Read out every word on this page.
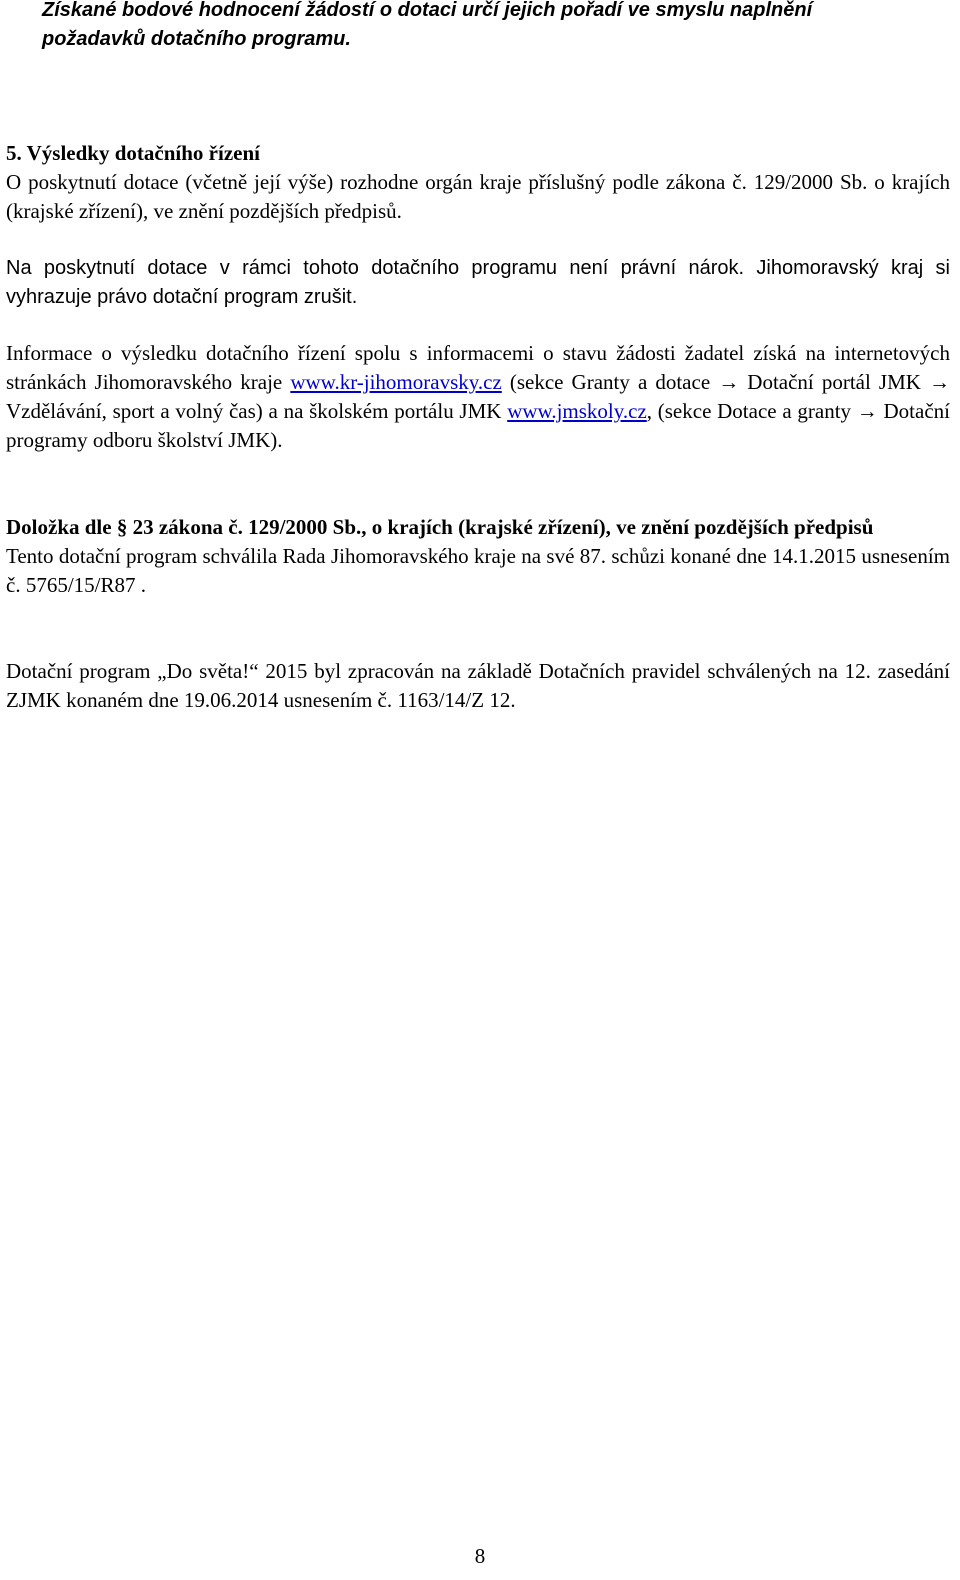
Získané bodové hodnocení žádostí o dotaci určí jejich pořadí ve smyslu naplnění
požadavků dotačního programu.

5. Výsledky dotačního řízení
O poskytnutí dotace (včetně její výše) rozhodne orgán kraje příslušný podle zákona č. 129/2000 Sb. o krajích (krajské zřízení), ve znění pozdějších předpisů.

Na poskytnutí dotace v rámci tohoto dotačního programu není právní nárok. Jihomoravský kraj si vyhrazuje právo dotační program zrušit.

Informace o výsledku dotačního řízení spolu s informacemi o stavu žádosti žadatel získá na internetových stránkách Jihomoravského kraje www.kr-jihomoravsky.cz (sekce Granty a dotace → Dotační portál JMK → Vzdělávání, sport a volný čas) a na školském portálu JMK www.jmskoly.cz, (sekce Dotace a granty → Dotační programy odboru školství JMK).

Doložka dle § 23 zákona č. 129/2000 Sb., o krajích (krajské zřízení), ve znění pozdějších předpisů
Tento dotační program schválila Rada Jihomoravského kraje na své 87. schůzi konané dne 14.1.2015 usnesením č. 5765/15/R87 .

Dotační program „Do světa!“ 2015 byl zpracován na základě Dotačních pravidel schválených na 12. zasedání ZJMK konaném dne 19.06.2014 usnesením č. 1163/14/Z 12.

8
